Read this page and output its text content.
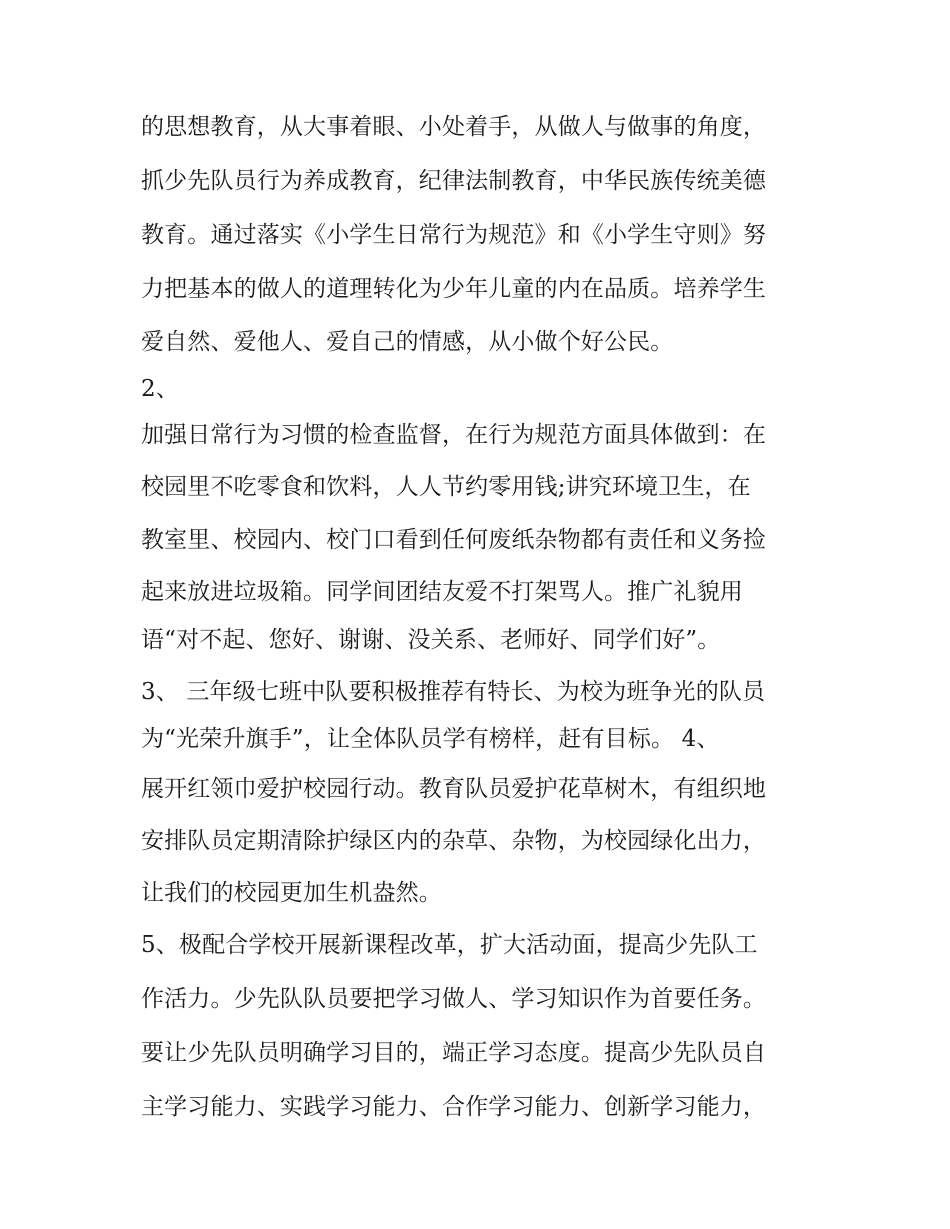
的思想教育，从大事着眼、小处着手，从做人与做事的角度，
抓少先队员行为养成教育，纪律法制教育，中华民族传统美德
教育。通过落实《小学生日常行为规范》和《小学生守则》努
力把基本的做人的道理转化为少年儿童的内在品质。培养学生
爱自然、爱他人、爱自己的情感，从小做个好公民。
2、
加强日常行为习惯的检查监督，在行为规范方面具体做到：在
校园里不吃零食和饮料，人人节约零用钱;讲究环境卫生，在
教室里、校园内、校门口看到任何废纸杂物都有责任和义务捡
起来放进垃圾箱。同学间团结友爱不打架骂人。推广礼貌用
语“对不起、您好、谢谢、没关系、老师好、同学们好”。
3、 三年级七班中队要积极推荐有特长、为校为班争光的队员
为“光荣升旗手”，让全体队员学有榜样，赶有目标。 4、
展开红领巾爱护校园行动。教育队员爱护花草树木，有组织地
安排队员定期清除护绿区内的杂草、杂物，为校园绿化出力，
让我们的校园更加生机盎然。
5、极配合学校开展新课程改革，扩大活动面，提高少先队工
作活力。少先队队员要把学习做人、学习知识作为首要任务。
要让少先队员明确学习目的，端正学习态度。提高少先队员自
主学习能力、实践学习能力、合作学习能力、创新学习能力，
